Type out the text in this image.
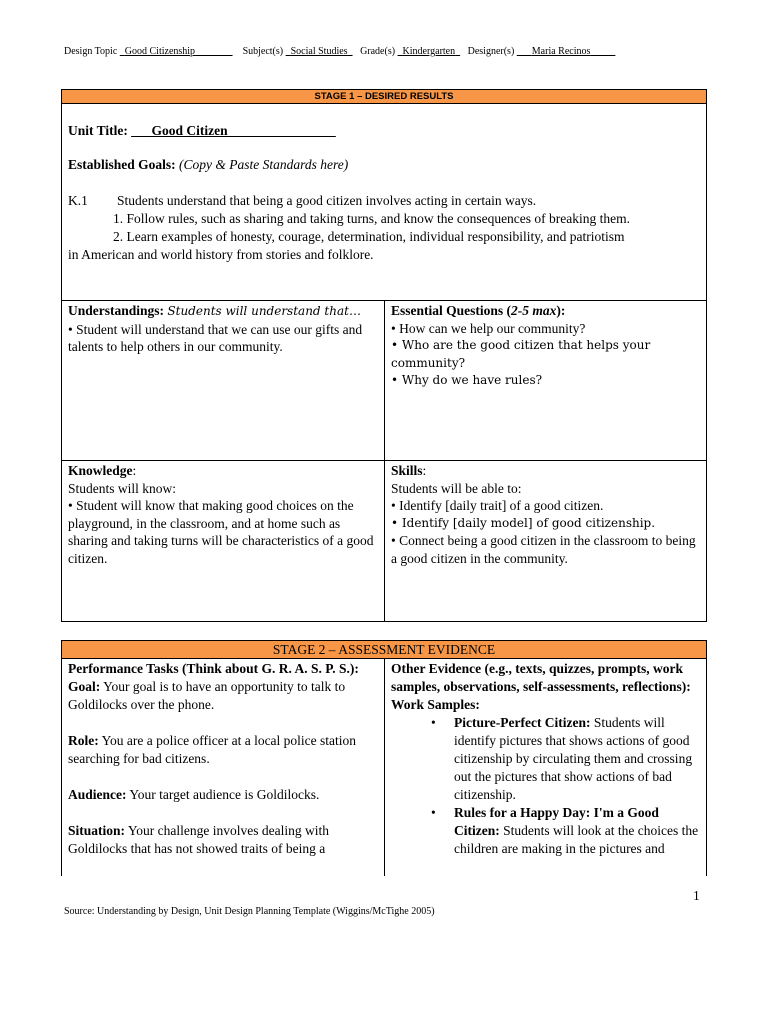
Design Topic Good Citizenship	Subject(s) Social Studies Grade(s) Kindergarten Designer(s) Maria Recinos
STAGE 1 – DESIRED RESULTS
Unit Title: ___Good Citizen________________
Established Goals: (Copy & Paste Standards here)
K.1	Students understand that being a good citizen involves acting in certain ways.
1. Follow rules, such as sharing and taking turns, and know the consequences of breaking them.
2. Learn examples of honesty, courage, determination, individual responsibility, and patriotism
in American and world history from stories and folklore.
Understandings: Students will understand that…
• Student will understand that we can use our gifts and talents to help others in our community.
Essential Questions (2-5 max):
• How can we help our community?
• Who are the good citizen that helps your community?
• Why do we have rules?
Knowledge:
Students will know:
• Student will know that making good choices on the playground, in the classroom, and at home such as sharing and taking turns will be characteristics of a good citizen.
Skills:
Students will be able to:
• Identify [daily trait] of a good citizen.
• Identify [daily model] of good citizenship.
• Connect being a good citizen in the classroom to being a good citizen in the community.
STAGE 2 – ASSESSMENT EVIDENCE
Performance Tasks (Think about G. R. A. S. P. S.):
Goal: Your goal is to have an opportunity to talk to Goldilocks over the phone.
Role: You are a police officer at a local police station searching for bad citizens.
Audience: Your target audience is Goldilocks.
Situation: Your challenge involves dealing with Goldilocks that has not showed traits of being a
Other Evidence (e.g., texts, quizzes, prompts, work samples, observations, self-assessments, reflections):
Work Samples:
•	Picture-Perfect Citizen: Students will identify pictures that shows actions of good citizenship by circulating them and crossing out the pictures that show actions of bad citizenship.
•	Rules for a Happy Day: I'm a Good Citizen: Students will look at the choices the children are making in the pictures and
1
Source: Understanding by Design, Unit Design Planning Template (Wiggins/McTighe 2005)
